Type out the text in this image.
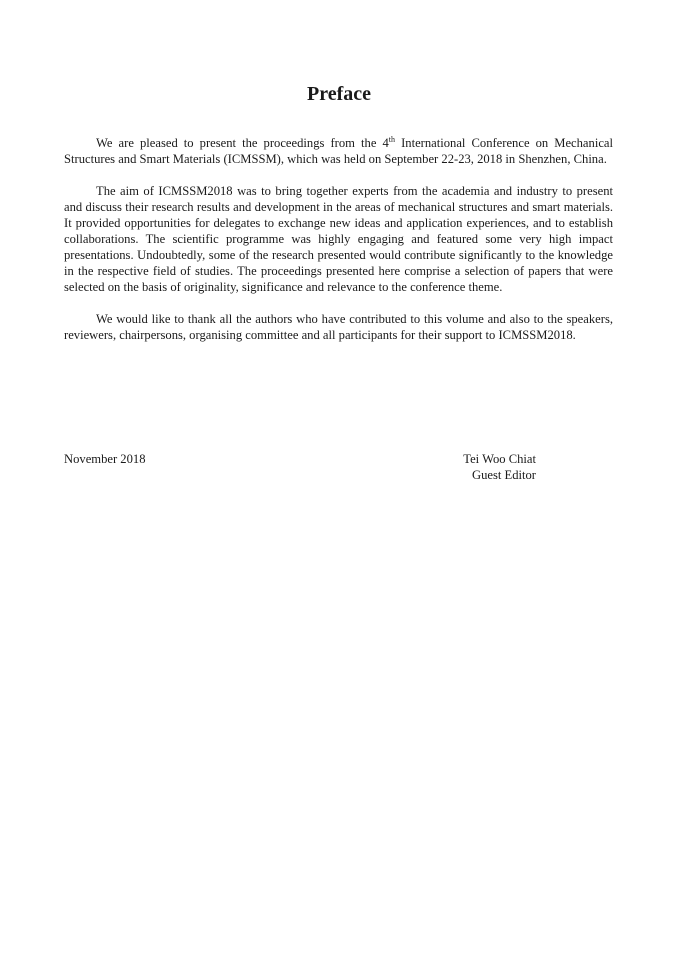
Preface

We are pleased to present the proceedings from the 4th International Conference on Mechanical Structures and Smart Materials (ICMSSM), which was held on September 22-23, 2018 in Shenzhen, China.

The aim of ICMSSM2018 was to bring together experts from the academia and industry to present and discuss their research results and development in the areas of mechanical structures and smart materials. It provided opportunities for delegates to exchange new ideas and application experiences, and to establish collaborations. The scientific programme was highly engaging and featured some very high impact presentations. Undoubtedly, some of the research presented would contribute significantly to the knowledge in the respective field of studies. The proceedings presented here comprise a selection of papers that were selected on the basis of originality, significance and relevance to the conference theme.

We would like to thank all the authors who have contributed to this volume and also to the speakers, reviewers, chairpersons, organising committee and all participants for their support to ICMSSM2018.

November 2018	Tei Woo Chiat
Guest Editor
